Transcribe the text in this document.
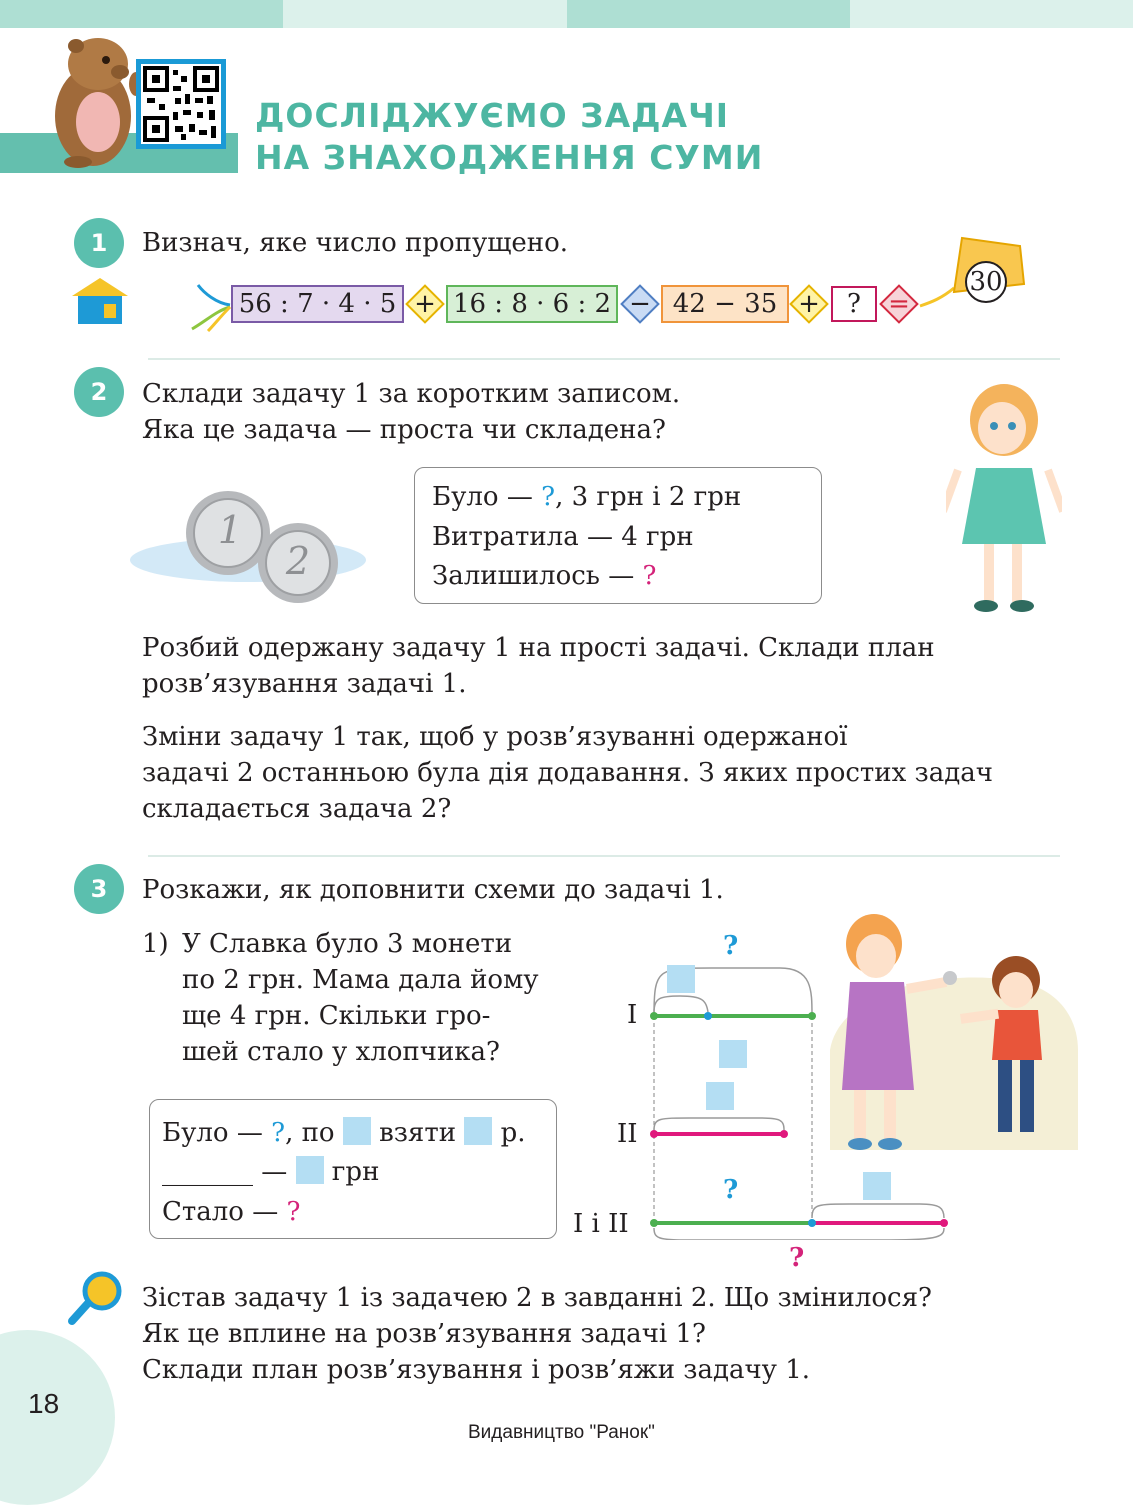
ДОСЛІДЖУЄМО ЗАДАЧІ
НА ЗНАХОДЖЕННЯ СУМИ
1	Визнач, яке число пропущено.
56 : 7 · 4 · 5 + 16 : 8 · 6 : 2 − 42 − 35 +	?	=
30
2	Склади задачу 1 за коротким записом.
Яка це задача — проста чи складена?
1
2
Було — ?, 3 грн і 2 грн
Витратила — 4 грн
Залишилось — ?
Розбий одержану задачу 1 на прості задачі. Склади план
розв’язування задачі 1.
Зміни задачу 1 так, щоб у розв’язуванні одержаної
задачі 2 останньою була дія додавання. З яких простих задач
складається задача 2?
3	Розкажи, як доповнити схеми до задачі 1.
1) У Славка було 3 монети
по 2 грн. Мама дала йому
ще 4 грн. Скільки гро-
шей стало у хлопчика?
Було — ?, по взяти р.
_______ — грн
Стало — ?
?
?
?
I
II
I і II
Зістав задачу 1 із задачею 2 в завданні 2. Що змінилося?
Як це вплине на розв’язування задачі 1?
Склади план розв’язування і розв’яжи задачу 1.
18
Видавництво "Ранок"
